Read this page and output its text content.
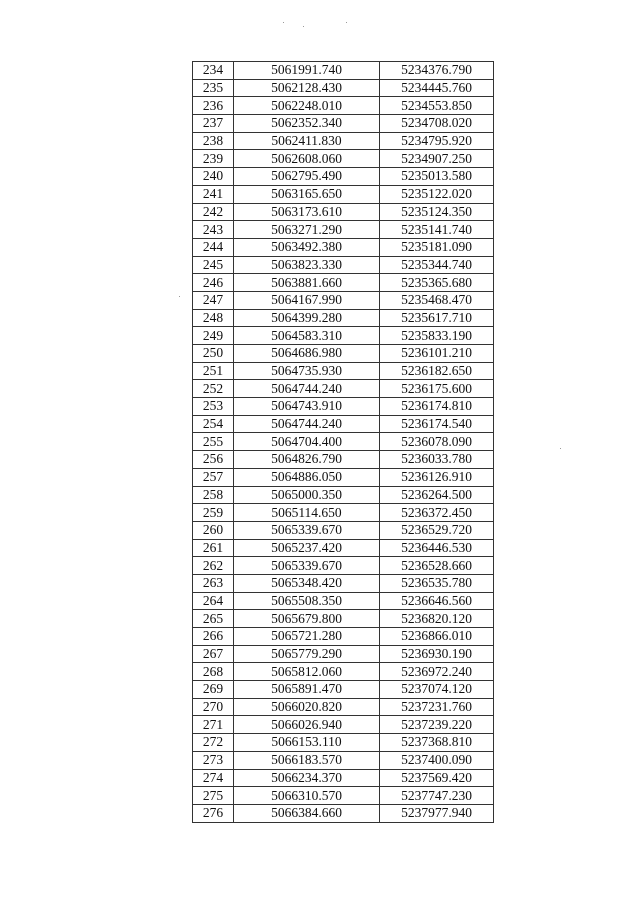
234	5061991.740	5234376.790
235	5062128.430	5234445.760
236	5062248.010	5234553.850
237	5062352.340	5234708.020
238	5062411.830	5234795.920
239	5062608.060	5234907.250
240	5062795.490	5235013.580
241	5063165.650	5235122.020
242	5063173.610	5235124.350
243	5063271.290	5235141.740
244	5063492.380	5235181.090
245	5063823.330	5235344.740
246	5063881.660	5235365.680
247	5064167.990	5235468.470
248	5064399.280	5235617.710
249	5064583.310	5235833.190
250	5064686.980	5236101.210
251	5064735.930	5236182.650
252	5064744.240	5236175.600
253	5064743.910	5236174.810
254	5064744.240	5236174.540
255	5064704.400	5236078.090
256	5064826.790	5236033.780
257	5064886.050	5236126.910
258	5065000.350	5236264.500
259	5065114.650	5236372.450
260	5065339.670	5236529.720
261	5065237.420	5236446.530
262	5065339.670	5236528.660
263	5065348.420	5236535.780
264	5065508.350	5236646.560
265	5065679.800	5236820.120
266	5065721.280	5236866.010
267	5065779.290	5236930.190
268	5065812.060	5236972.240
269	5065891.470	5237074.120
270	5066020.820	5237231.760
271	5066026.940	5237239.220
272	5066153.110	5237368.810
273	5066183.570	5237400.090
274	5066234.370	5237569.420
275	5066310.570	5237747.230
276	5066384.660	5237977.940
